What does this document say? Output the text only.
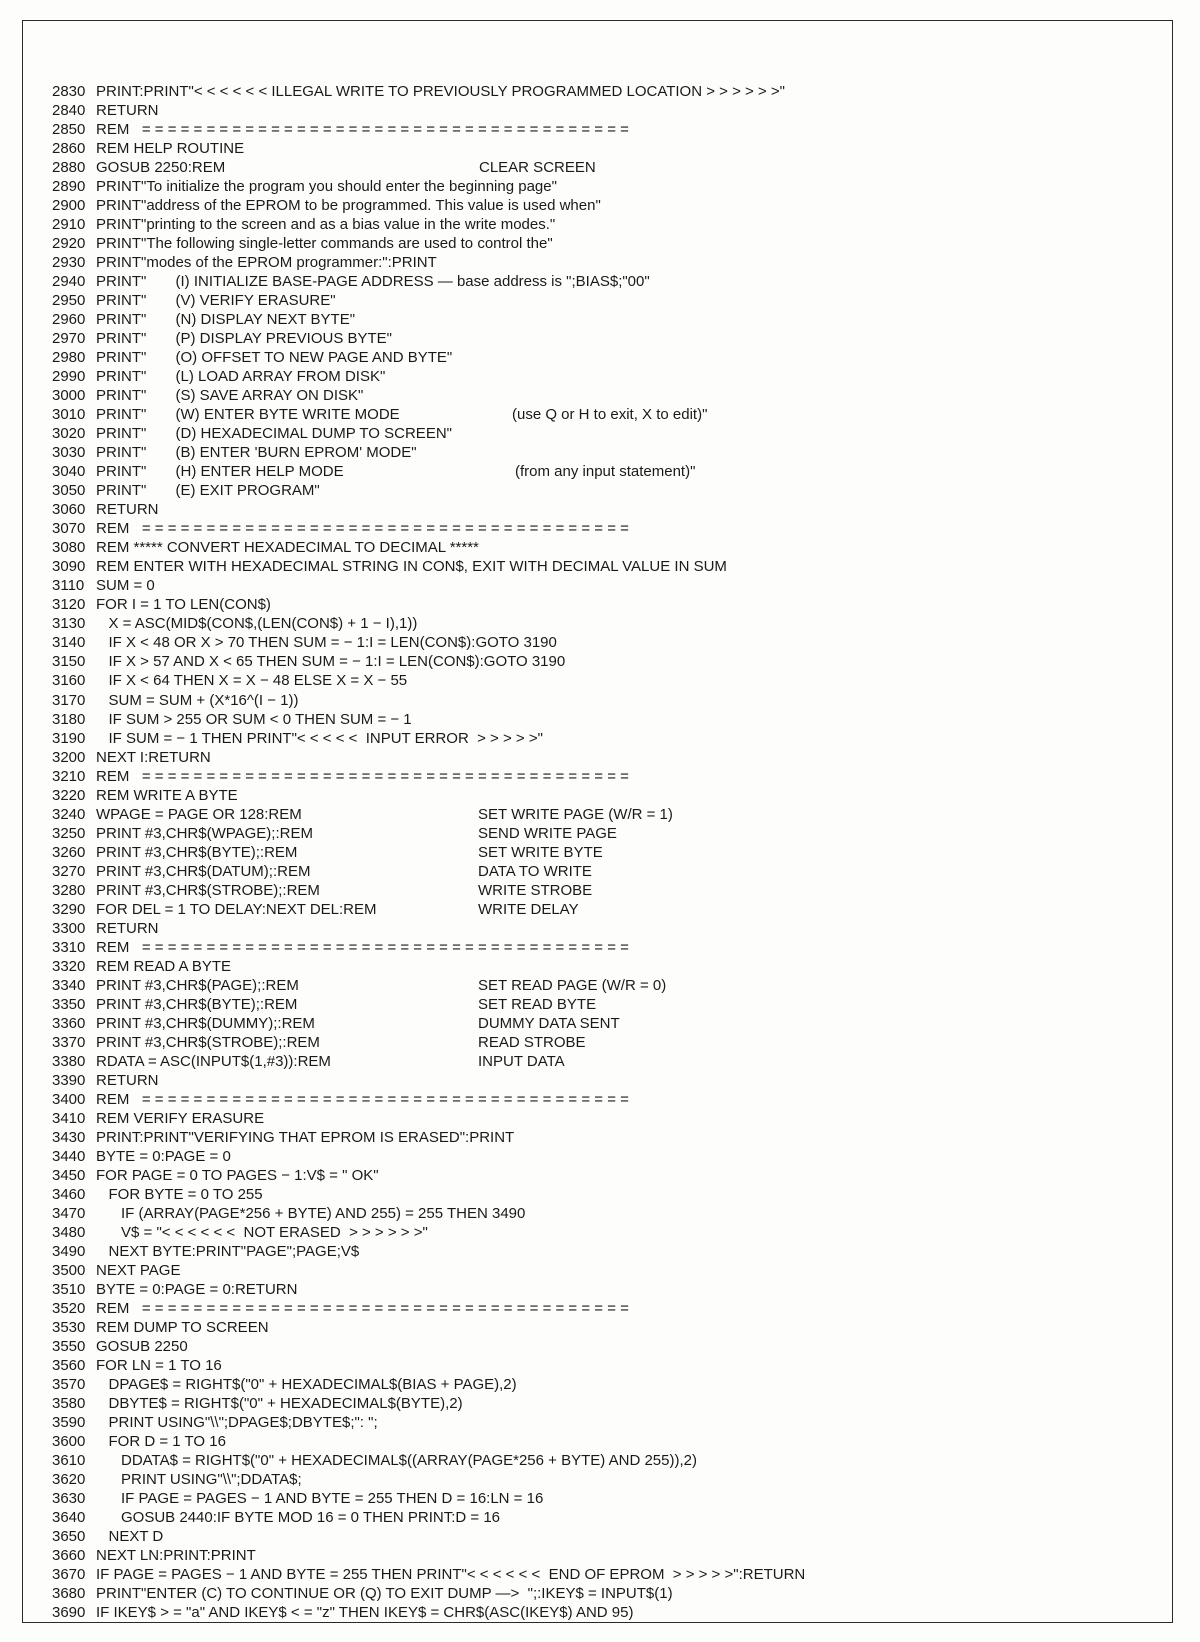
2830 PRINT:PRINT"< < < < < < ILLEGAL WRITE TO PREVIOUSLY PROGRAMMED LOCATION > > > > > >"
2840 RETURN
2850 REM   = = = = = = = = = = = = = = = = = = = = = = = = = = = = = = = = = = = = = =
2860 REM HELP ROUTINE
2880 GOSUB 2250:REM	CLEAR SCREEN
2890 PRINT"To initialize the program you should enter the beginning page"
2900 PRINT"address of the EPROM to be programmed. This value is used when"
2910 PRINT"printing to the screen and as a bias value in the write modes."
2920 PRINT"The following single-letter commands are used to control the"
2930 PRINT"modes of the EPROM programmer:":PRINT
2940 PRINT"       (I) INITIALIZE BASE-PAGE ADDRESS — base address is ";BIAS$;"00"
2950 PRINT"       (V) VERIFY ERASURE"
2960 PRINT"       (N) DISPLAY NEXT BYTE"
2970 PRINT"       (P) DISPLAY PREVIOUS BYTE"
2980 PRINT"       (O) OFFSET TO NEW PAGE AND BYTE"
2990 PRINT"       (L) LOAD ARRAY FROM DISK"
3000 PRINT"       (S) SAVE ARRAY ON DISK"
3010 PRINT"       (W) ENTER BYTE WRITE MODE	(use Q or H to exit, X to edit)"
3020 PRINT"       (D) HEXADECIMAL DUMP TO SCREEN"
3030 PRINT"       (B) ENTER 'BURN EPROM' MODE"
3040 PRINT"       (H) ENTER HELP MODE	(from any input statement)"
3050 PRINT"       (E) EXIT PROGRAM"
3060 RETURN
3070 REM   = = = = = = = = = = = = = = = = = = = = = = = = = = = = = = = = = = = = = =
3080 REM ***** CONVERT HEXADECIMAL TO DECIMAL *****
3090 REM ENTER WITH HEXADECIMAL STRING IN CON$, EXIT WITH DECIMAL VALUE IN SUM
3110 SUM = 0
3120 FOR I = 1 TO LEN(CON$)
3130 X = ASC(MID$(CON$,(LEN(CON$) + 1 − I),1))
3140 IF X < 48 OR X > 70 THEN SUM = − 1:I = LEN(CON$):GOTO 3190
3150 IF X > 57 AND X < 65 THEN SUM = − 1:I = LEN(CON$):GOTO 3190
3160 IF X < 64 THEN X = X − 48 ELSE X = X − 55
3170 SUM = SUM + (X*16^(I − 1))
3180 IF SUM > 255 OR SUM < 0 THEN SUM = − 1
3190 IF SUM = − 1 THEN PRINT"< < < < <  INPUT ERROR  > > > > >"
3200 NEXT I:RETURN
3210 REM   = = = = = = = = = = = = = = = = = = = = = = = = = = = = = = = = = = = = = =
3220 REM WRITE A BYTE
3240 WPAGE = PAGE OR 128:REM	SET WRITE PAGE (W/R = 1)
3250 PRINT #3,CHR$(WPAGE);:REM	SEND WRITE PAGE
3260 PRINT #3,CHR$(BYTE);:REM	SET WRITE BYTE
3270 PRINT #3,CHR$(DATUM);:REM	DATA TO WRITE
3280 PRINT #3,CHR$(STROBE);:REM	WRITE STROBE
3290 FOR DEL = 1 TO DELAY:NEXT DEL:REM	WRITE DELAY
3300 RETURN
3310 REM   = = = = = = = = = = = = = = = = = = = = = = = = = = = = = = = = = = = = = =
3320 REM READ A BYTE
3340 PRINT #3,CHR$(PAGE);:REM	SET READ PAGE (W/R = 0)
3350 PRINT #3,CHR$(BYTE);:REM	SET READ BYTE
3360 PRINT #3,CHR$(DUMMY);:REM	DUMMY DATA SENT
3370 PRINT #3,CHR$(STROBE);:REM	READ STROBE
3380 RDATA = ASC(INPUT$(1,#3)):REM	INPUT DATA
3390 RETURN
3400 REM   = = = = = = = = = = = = = = = = = = = = = = = = = = = = = = = = = = = = = =
3410 REM VERIFY ERASURE
3430 PRINT:PRINT"VERIFYING THAT EPROM IS ERASED":PRINT
3440 BYTE = 0:PAGE = 0
3450 FOR PAGE = 0 TO PAGES − 1:V$ = " OK"
3460 FOR BYTE = 0 TO 255
3470 IF (ARRAY(PAGE*256 + BYTE) AND 255) = 255 THEN 3490
3480 V$ = "< < < < < <  NOT ERASED  > > > > > >"
3490 NEXT BYTE:PRINT"PAGE";PAGE;V$
3500 NEXT PAGE
3510 BYTE = 0:PAGE = 0:RETURN
3520 REM   = = = = = = = = = = = = = = = = = = = = = = = = = = = = = = = = = = = = = =
3530 REM DUMP TO SCREEN
3550 GOSUB 2250
3560 FOR LN = 1 TO 16
3570 DPAGE$ = RIGHT$("0" + HEXADECIMAL$(BIAS + PAGE),2)
3580 DBYTE$ = RIGHT$("0" + HEXADECIMAL$(BYTE),2)
3590 PRINT USING"\\";DPAGE$;DBYTE$;": ";
3600 FOR D = 1 TO 16
3610 DDATA$ = RIGHT$("0" + HEXADECIMAL$((ARRAY(PAGE*256 + BYTE) AND 255)),2)
3620 PRINT USING"\\";DDATA$;
3630 IF PAGE = PAGES − 1 AND BYTE = 255 THEN D = 16:LN = 16
3640 GOSUB 2440:IF BYTE MOD 16 = 0 THEN PRINT:D = 16
3650 NEXT D
3660 NEXT LN:PRINT:PRINT
3670 IF PAGE = PAGES − 1 AND BYTE = 255 THEN PRINT"< < < < < <  END OF EPROM  > > > > >":RETURN
3680 PRINT"ENTER (C) TO CONTINUE OR (Q) TO EXIT DUMP —>  ";:IKEY$ = INPUT$(1)
3690 IF IKEY$ > = "a" AND IKEY$ < = "z" THEN IKEY$ = CHR$(ASC(IKEY$) AND 95)
